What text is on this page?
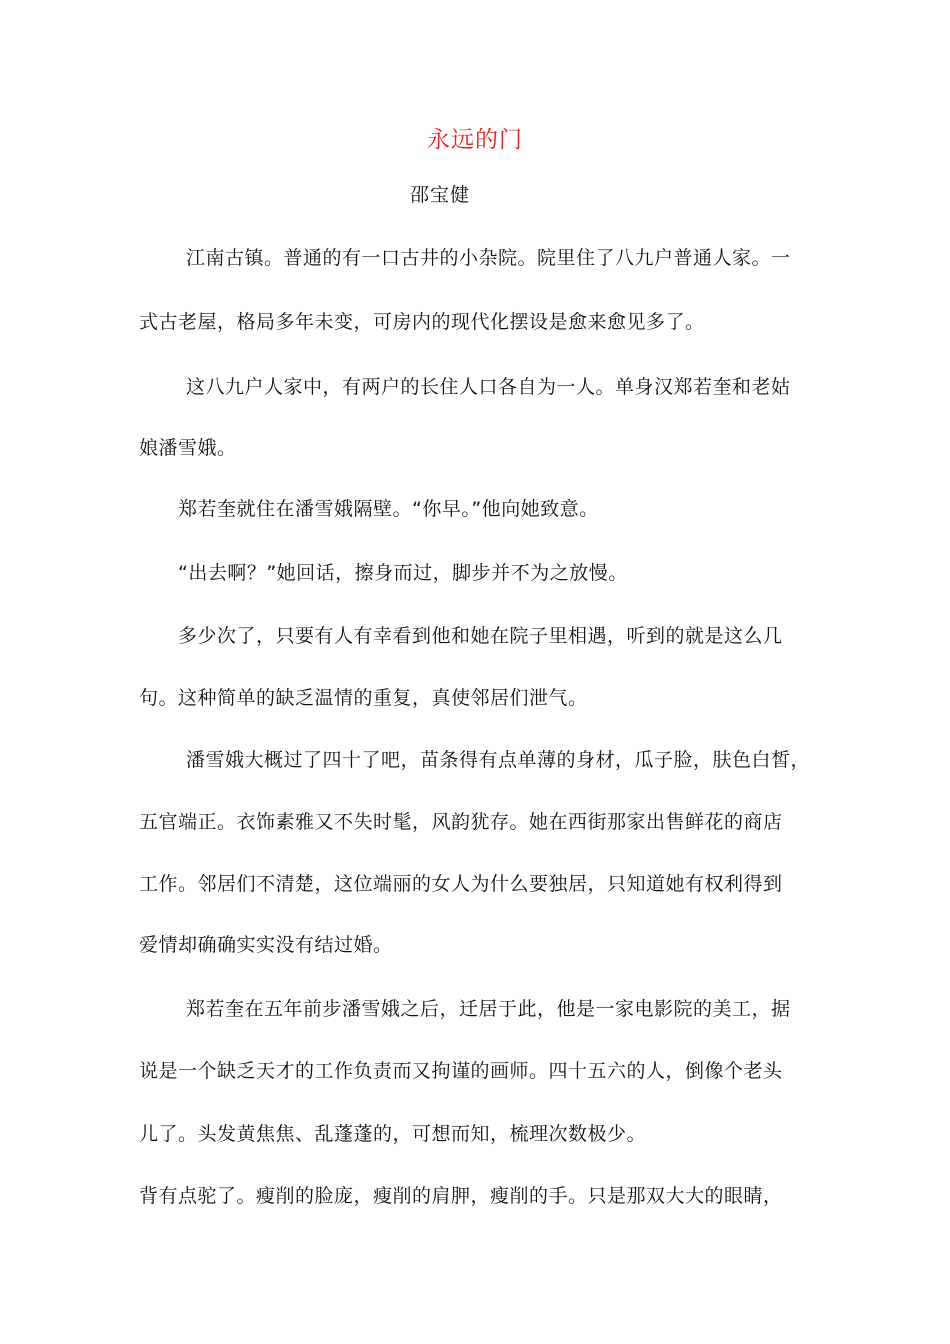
永远的门
邵宝健
江南古镇。普通的有一口古井的小杂院。院里住了八九户普通人家。一
式古老屋，格局多年未变，可房内的现代化摆设是愈来愈见多了。
这八九户人家中，有两户的长住人口各自为一人。单身汉郑若奎和老姑
娘潘雪娥。
郑若奎就住在潘雪娥隔壁。“你早。”他向她致意。
“出去啊？”她回话，擦身而过，脚步并不为之放慢。
多少次了，只要有人有幸看到他和她在院子里相遇，听到的就是这么几
句。这种简单的缺乏温情的重复，真使邻居们泄气。
潘雪娥大概过了四十了吧，苗条得有点单薄的身材，瓜子脸，肤色白皙，
五官端正。衣饰素雅又不失时髦，风韵犹存。她在西街那家出售鲜花的商店
工作。邻居们不清楚，这位端丽的女人为什么要独居，只知道她有权利得到
爱情却确确实实没有结过婚。
郑若奎在五年前步潘雪娥之后，迁居于此，他是一家电影院的美工，据
说是一个缺乏天才的工作负责而又拘谨的画师。四十五六的人，倒像个老头
儿了。头发黄焦焦、乱蓬蓬的，可想而知，梳理次数极少。
背有点驼了。瘦削的脸庞，瘦削的肩胛，瘦削的手。只是那双大大的眼睛，
